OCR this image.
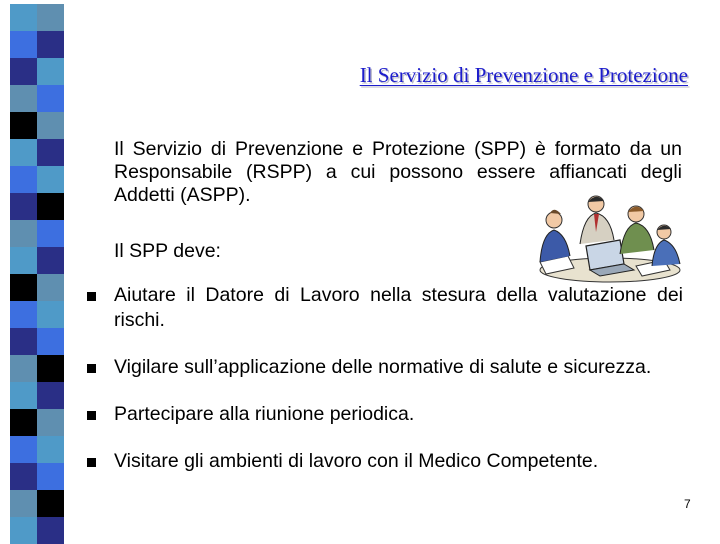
Il Servizio di Prevenzione e Protezione
Il Servizio di Prevenzione e Protezione (SPP) è formato da un Responsabile (RSPP) a cui possono essere affiancati degli Addetti (ASPP).
Il SPP deve:
Aiutare il Datore di Lavoro nella stesura della valutazione dei rischi.
Vigilare sull’applicazione delle normative di salute e sicurezza.
Partecipare alla riunione periodica.
Visitare gli ambienti di lavoro con il Medico Competente.
7
